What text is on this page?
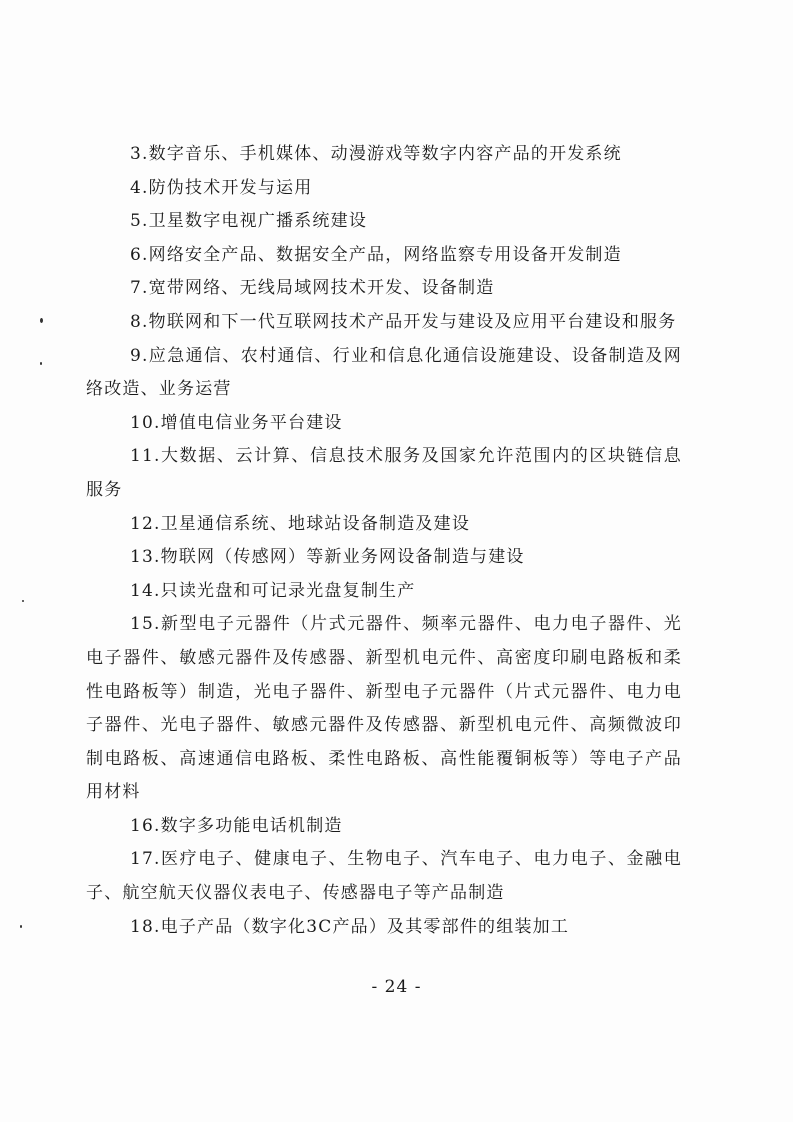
3.数字音乐、手机媒体、动漫游戏等数字内容产品的开发系统

4.防伪技术开发与运用

5.卫星数字电视广播系统建设

6.网络安全产品、数据安全产品，网络监察专用设备开发制造

7.宽带网络、无线局域网技术开发、设备制造

8.物联网和下一代互联网技术产品开发与建设及应用平台建设和服务

9.应急通信、农村通信、行业和信息化通信设施建设、设备制造及网络改造、业务运营

10.增值电信业务平台建设

11.大数据、云计算、信息技术服务及国家允许范围内的区块链信息服务

12.卫星通信系统、地球站设备制造及建设

13.物联网（传感网）等新业务网设备制造与建设

14.只读光盘和可记录光盘复制生产

15.新型电子元器件（片式元器件、频率元器件、电力电子器件、光电子器件、敏感元器件及传感器、新型机电元件、高密度印刷电路板和柔性电路板等）制造，光电子器件、新型电子元器件（片式元器件、电力电子器件、光电子器件、敏感元器件及传感器、新型机电元件、高频微波印制电路板、高速通信电路板、柔性电路板、高性能覆铜板等）等电子产品用材料

16.数字多功能电话机制造

17.医疗电子、健康电子、生物电子、汽车电子、电力电子、金融电子、航空航天仪器仪表电子、传感器电子等产品制造

18.电子产品（数字化3C产品）及其零部件的组装加工

- 24 -
